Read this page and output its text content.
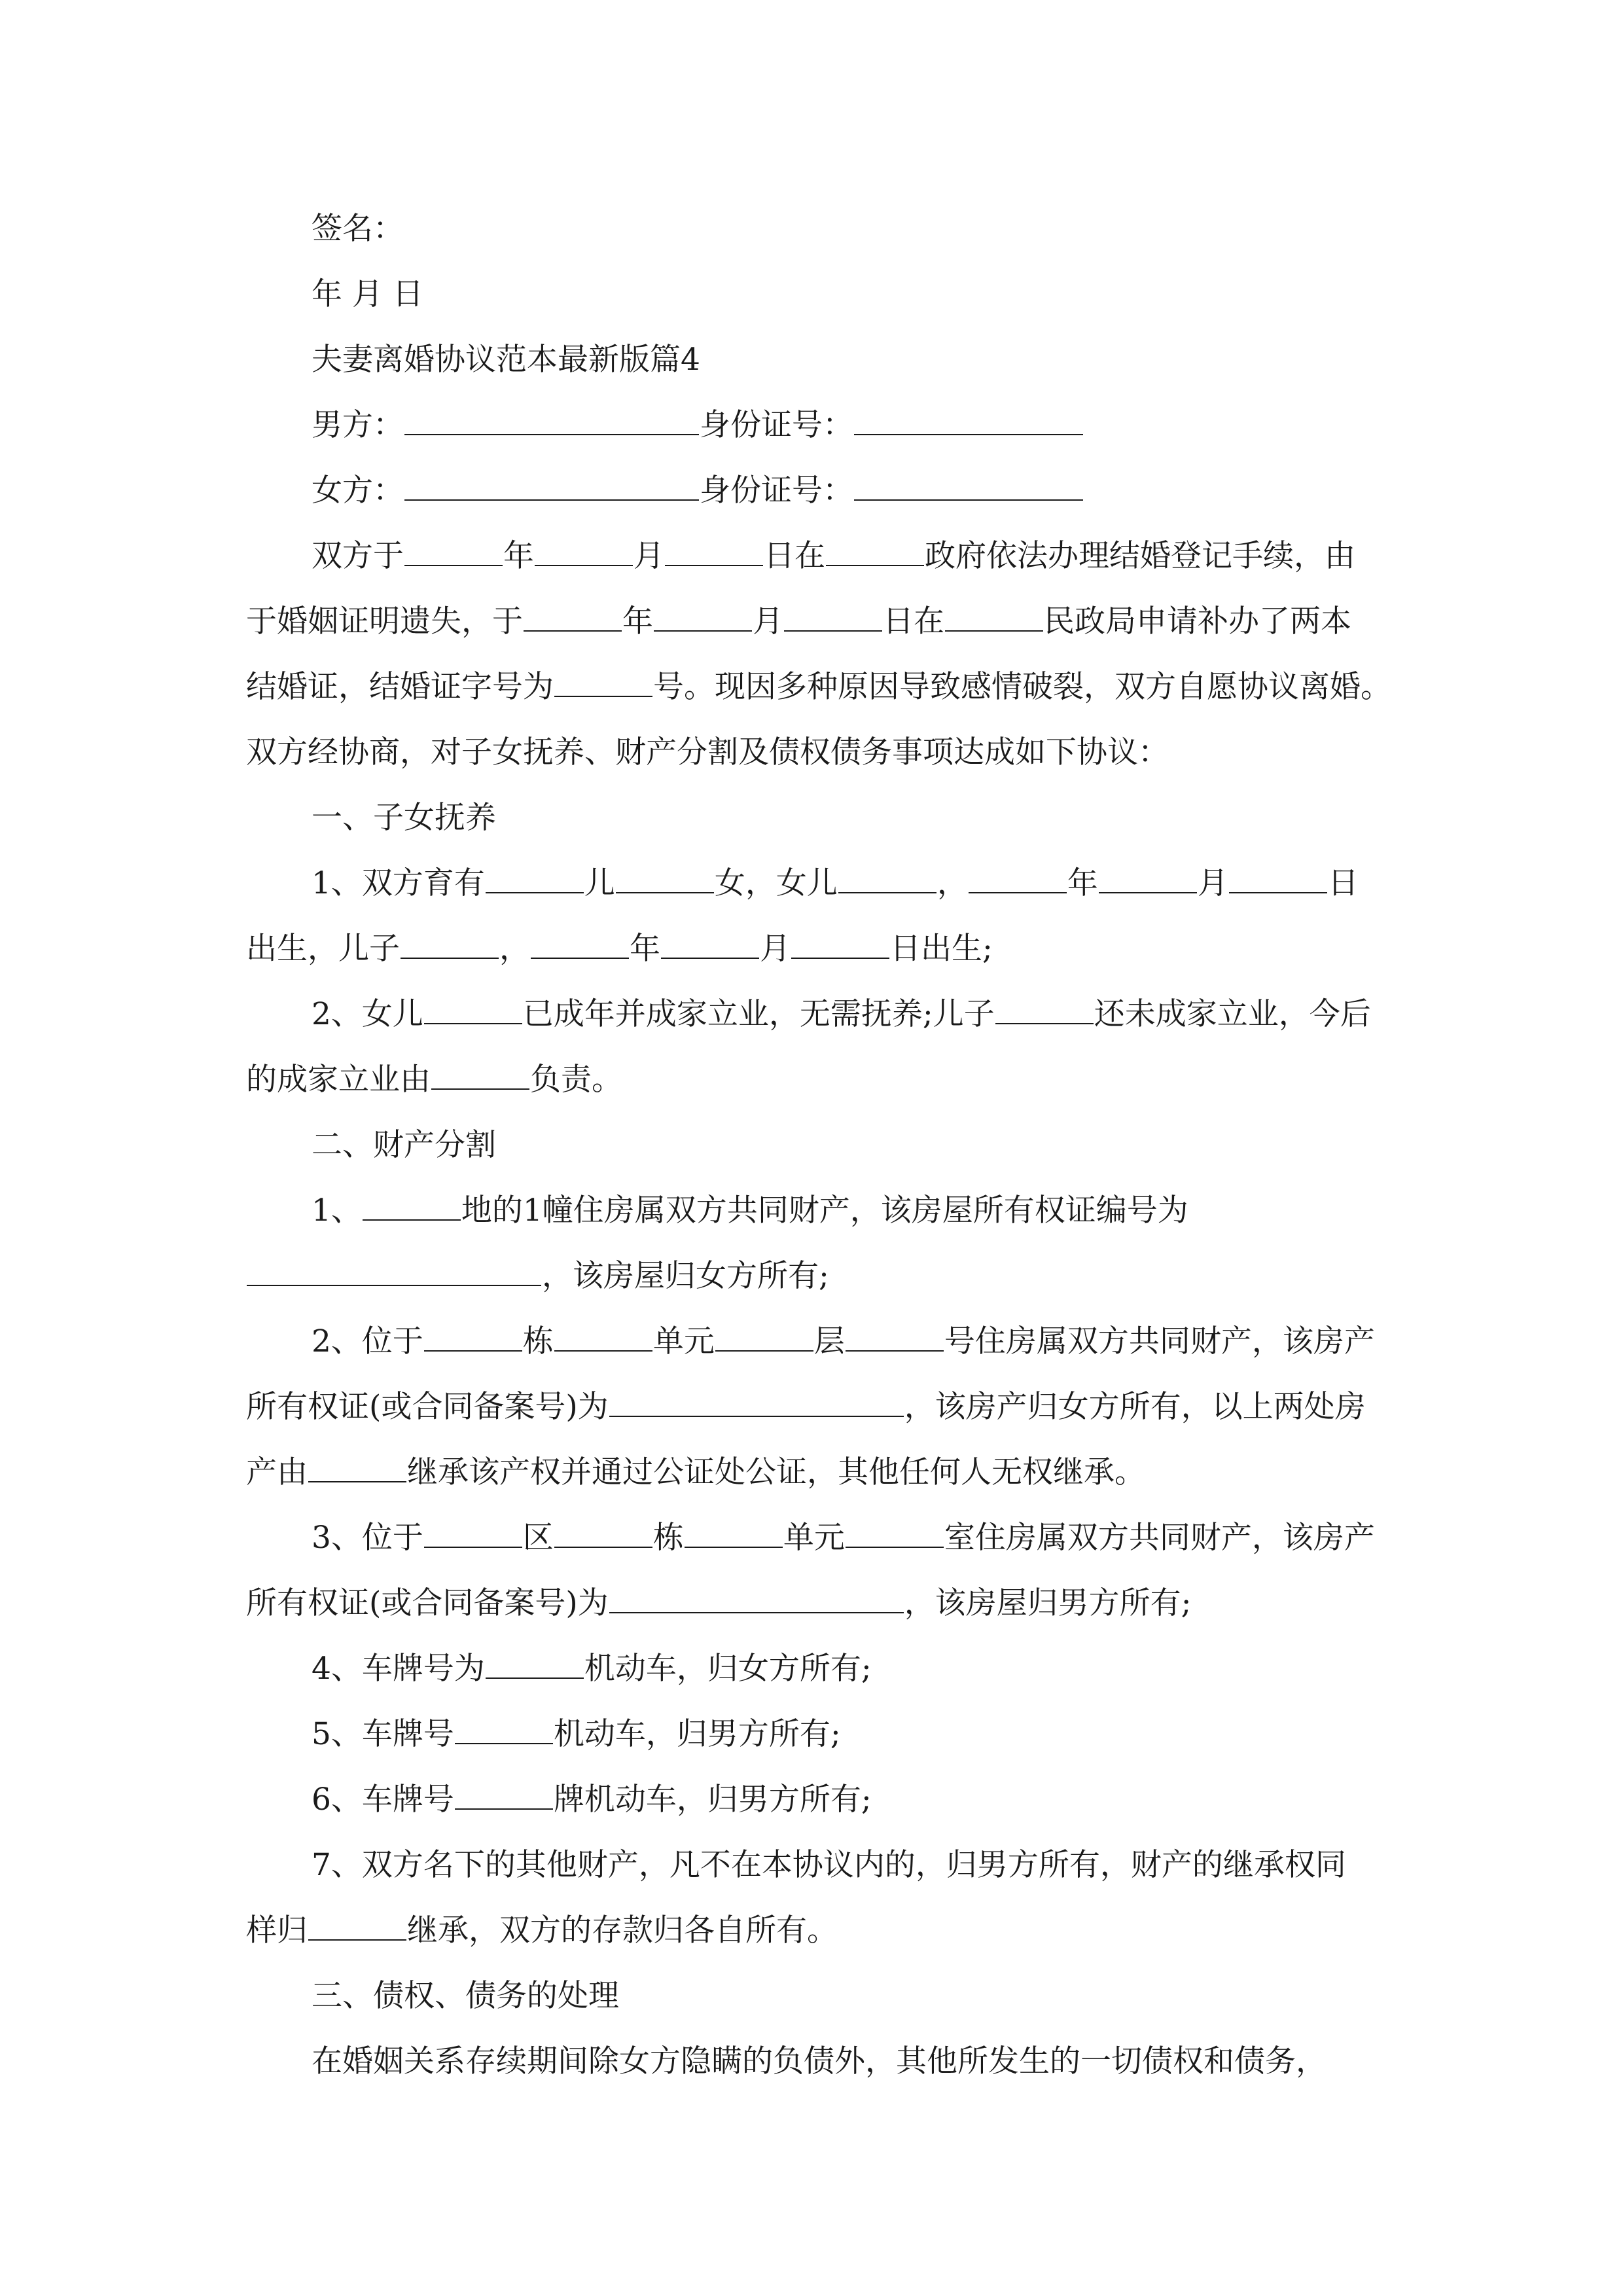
签名：
年 月 日
夫妻离婚协议范本最新版篇4
男方：	身份证号：
女方：	身份证号：
双方于	年	月	日在	政府依法办理结婚登记手续，由
于婚姻证明遗失，于	年	月	日在	民政局申请补办了两本
结婚证，结婚证字号为	号。现因多种原因导致感情破裂，双方自愿协议离婚。
双方经协商，对子女抚养、财产分割及债权债务事项达成如下协议：
一、子女抚养
1、双方育有	儿	女，女儿	，	年	月	日
出生，儿子	，	年	月	日出生;
2、女儿	已成年并成家立业，无需抚养;儿子	还未成家立业，今后
的成家立业由	负责。
二、财产分割
1、	地的1幢住房属双方共同财产，该房屋所有权证编号为
，该房屋归女方所有;
2、位于	栋	单元	层	号住房属双方共同财产，该房产
所有权证(或合同备案号)为	，该房产归女方所有，以上两处房
产由	继承该产权并通过公证处公证，其他任何人无权继承。
3、位于	区	栋	单元	室住房属双方共同财产，该房产
所有权证(或合同备案号)为	，该房屋归男方所有;
4、车牌号为	机动车，归女方所有;
5、车牌号	机动车，归男方所有;
6、车牌号	牌机动车，归男方所有;
7、双方名下的其他财产，凡不在本协议内的，归男方所有，财产的继承权同
样归	继承，双方的存款归各自所有。
三、债权、债务的处理
在婚姻关系存续期间除女方隐瞒的负债外，其他所发生的一切债权和债务，
